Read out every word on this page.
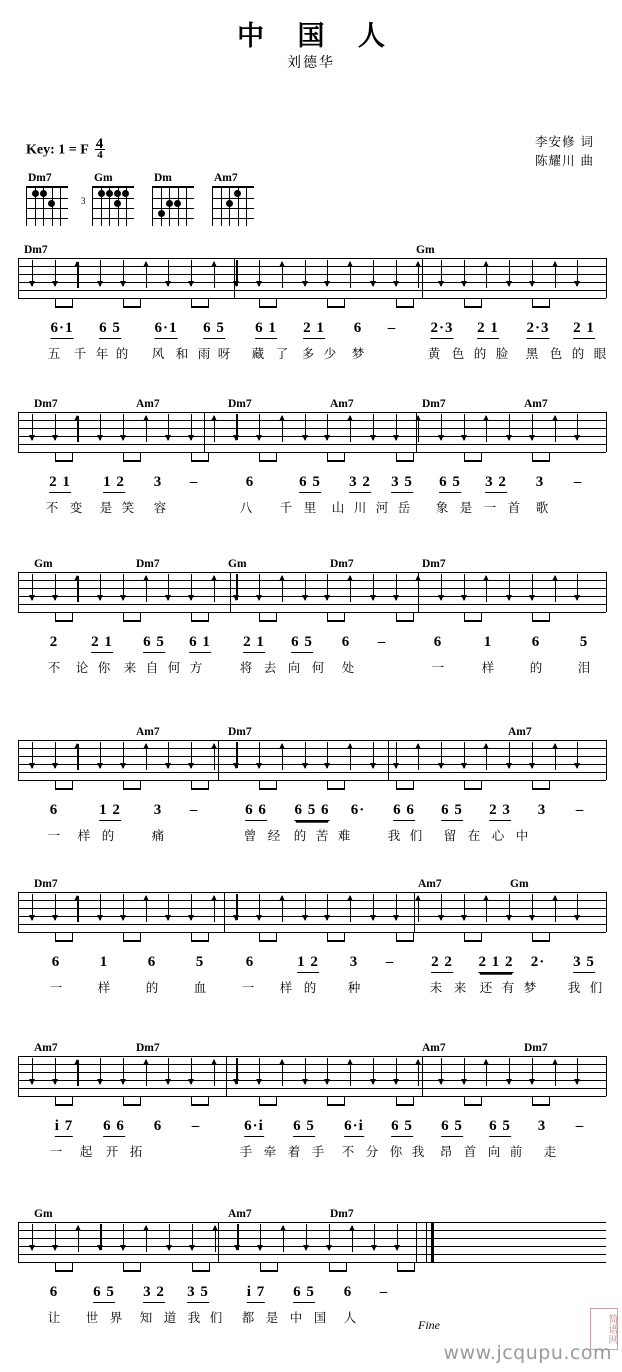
中 国 人
刘德华
李安修 词
陈耀川 曲
Key: 1 = F $\frac{4}{4}$
Dm7	Gm
3
Dm	Am7
Dm7	Gm
6·1 6 5 6·1 6 5 6 1 2 1 6 – 2·3 2 1 2·3 2 1
五 千 年 的 风 和 雨 呀 藏 了 多 少 梦	黄 色 的 脸 黑 色 的 眼
Dm7	Am7	Dm7	Am7	Dm7	Am7
2 1 1 2 3 –	6	6 5 3 2 3 5 6 5 3 2 3 –
不 变 是 笑 容	八 千 里 山 川 河 岳 象 是 一 首 歌
Gm	Dm7	Gm	Dm7	Dm7
2 2 1 6 5 6 1 2 1 6 5 6 –	6	1	6	5
不 论 你 来 自 何 方	将 去 向 何 处	一	样	的	泪
Am7	Dm7	Am7
6	1 2 3 –	6 6 6 5 6 6· 6 6 6 5 2 3 3 –
一 样 的	痛	曾 经 的 苦 难	我 们 留 在 心 中
Dm7	Am7	Gm
6	1	6	5	6	1 2 3 – 2 2 2 1 2 2· 3 5
一	样	的	血	一 样 的	种	未 来 还 有 梦	我 们
Am7	Dm7	Am7	Dm7
i 7 6 6 6 –	6·i 6 5 6·i 6 5 6 5 6 5 3 –
一 起 开 拓	手 牵 着 手 不 分 你 我 昂 首 向 前 走
Gm	Am7	Dm7
6 6 5 3 2 3 5	i 7 6 5 6 –
让 世 界 知 道 我 们 都 是 中 国 人	Fine
www.jcqupu.com
简谱网
